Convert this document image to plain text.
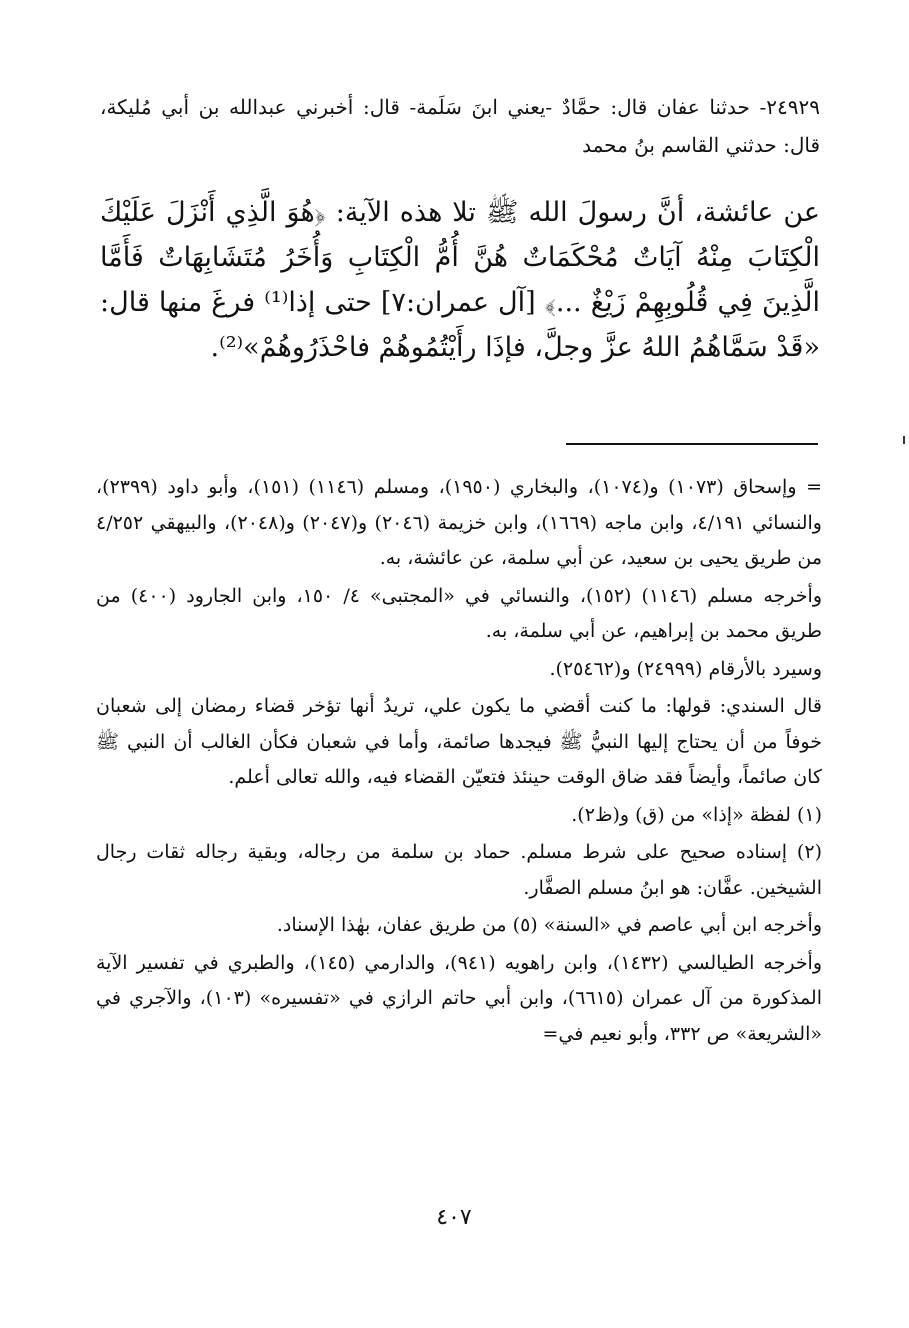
٢٤٩٢٩- حدثنا عفان قال: حمَّادٌ -يعني ابنَ سَلَمة- قال: أخبرني عبدالله بن أبي مُليكة، قال: حدثني القاسم بنُ محمد
عن عائشة، أنَّ رسولَ الله ﷺ تلا هذه الآية: ﴿هُوَ الَّذِي أَنْزَلَ عَلَيْكَ الْكِتَابَ مِنْهُ آيَاتٌ مُحْكَمَاتٌ هُنَّ أُمُّ الْكِتَابِ وَأُخَرُ مُتَشَابِهَاتٌ فَأَمَّا الَّذِينَ فِي قُلُوبِهِمْ زَيْغٌ ...﴾ [آل عمران:٧] حتى إذا⁽¹⁾ فرغَ منها قال: «قَدْ سَمَّاهُمُ اللهُ عزَّ وجلَّ، فإذَا رأَيْتُمُوهُمْ فاحْذَرُوهُمْ»⁽²⁾.

= وإسحاق (١٠٧٣) و(١٠٧٤)، والبخاري (١٩٥٠)، ومسلم (١١٤٦) (١٥١)، وأبو داود (٢٣٩٩)، والنسائي ٤/١٩١، وابن ماجه (١٦٦٩)، وابن خزيمة (٢٠٤٦) و(٢٠٤٧) و(٢٠٤٨)، والبيهقي ٤/٢٥٢ من طريق يحيى بن سعيد، عن أبي سلمة، عن عائشة، به.

وأخرجه مسلم (١١٤٦) (١٥٢)، والنسائي في «المجتبى» ٤/ ١٥٠، وابن الجارود (٤٠٠) من طريق محمد بن إبراهيم، عن أبي سلمة، به.

وسيرد بالأرقام (٢٤٩٩٩) و(٢٥٤٦٢).

قال السندي: قولها: ما كنت أقضي ما يكون علي، تريدُ أنها تؤخر قضاء رمضان إلى شعبان خوفاً من أن يحتاج إليها النبيُّ ﷺ فيجدها صائمة، وأما في شعبان فكأن الغالب أن النبي ﷺ كان صائماً، وأيضاً فقد ضاق الوقت حينئذ فتعيّن القضاء فيه، والله تعالى أعلم.

(١) لفظة «إذا» من (ق) و(ظ٢).

(٢) إسناده صحيح على شرط مسلم. حماد بن سلمة من رجاله، وبقية رجاله ثقات رجال الشيخين. عفَّان: هو ابنُ مسلم الصفَّار.

وأخرجه ابن أبي عاصم في «السنة» (٥) من طريق عفان، بهٰذا الإسناد.

وأخرجه الطيالسي (١٤٣٢)، وابن راهويه (٩٤١)، والدارمي (١٤٥)، والطبري في تفسير الآية المذكورة من آل عمران (٦٦١٥)، وابن أبي حاتم الرازي في «تفسيره» (١٠٣)، والآجري في «الشريعة» ص ٣٣٢، وأبو نعيم في=

٤٠٧
